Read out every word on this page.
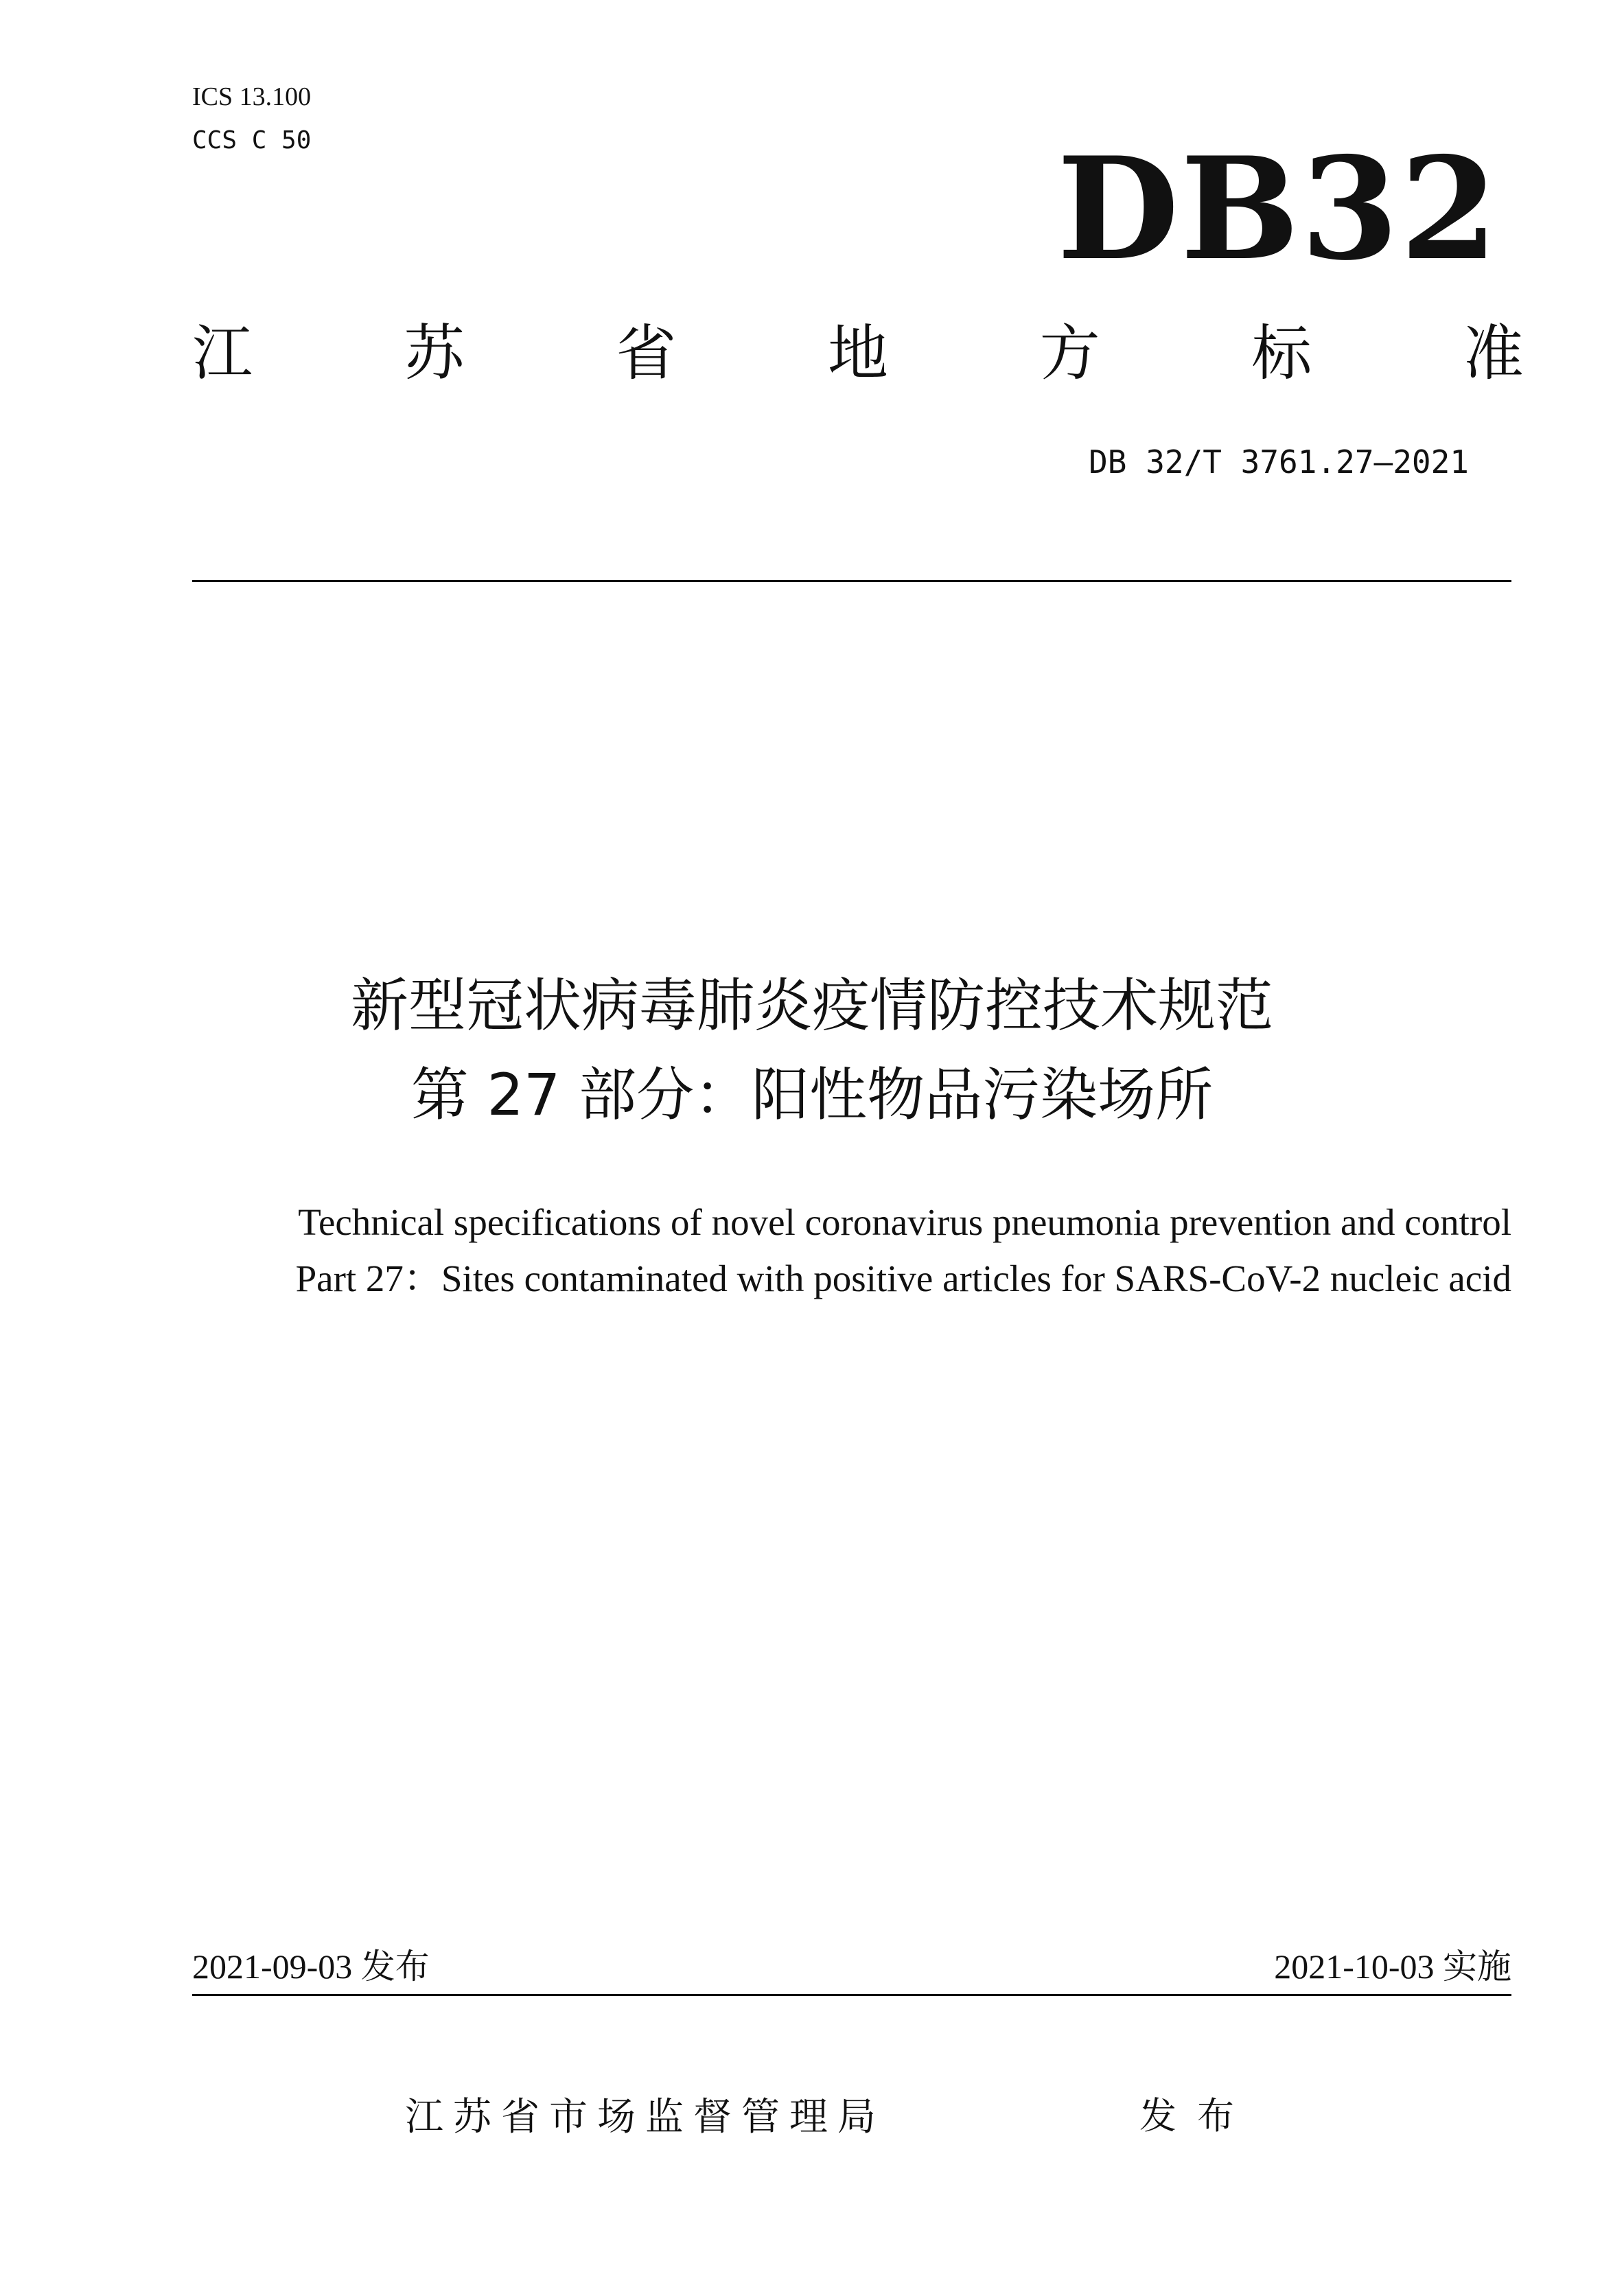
ICS 13.100
CCS C 50	DB32
江	苏	省	地	方	标	准
DB 32/T 3761.27—2021
新型冠状病毒肺炎疫情防控技术规范
第 27 部分：阳性物品污染场所
Technical specifications of novel coronavirus pneumonia prevention and control
Part 27：Sites contaminated with positive articles for SARS-CoV-2 nucleic acid
2021-09-03 发布	2021-10-03 实施
江苏省市场监督管理局	发布
